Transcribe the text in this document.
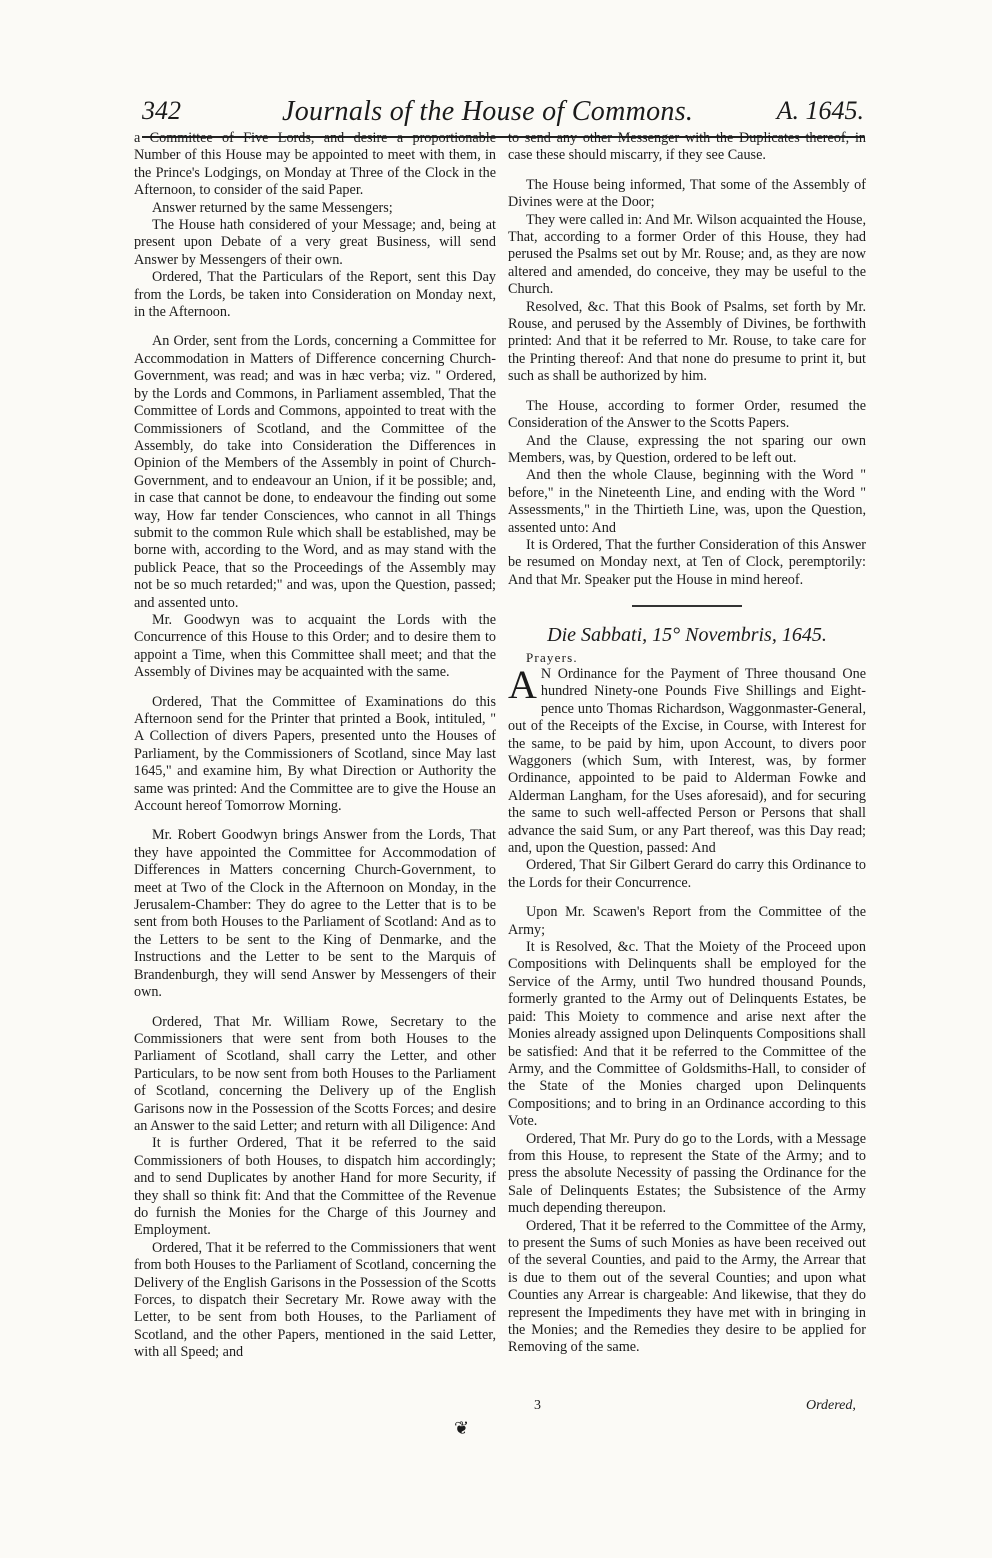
342	Journals of the House of Commons.	A. 1645.

a Committee of Five Lords, and desire a proportionable Number of this House may be appointed to meet with them, in the Prince's Lodgings, on Monday at Three of the Clock in the Afternoon, to consider of the said Paper.

Answer returned by the same Messengers;

The House hath considered of your Message; and, being at present upon Debate of a very great Business, will send Answer by Messengers of their own.

Ordered, That the Particulars of the Report, sent this Day from the Lords, be taken into Consideration on Monday next, in the Afternoon.

An Order, sent from the Lords, concerning a Committee for Accommodation in Matters of Difference concerning Church-Government, was read; and was in hæc verba; viz. " Ordered, by the Lords and Commons, in Parliament assembled, That the Committee of Lords and Commons, appointed to treat with the Commissioners of Scotland, and the Committee of the Assembly, do take into Consideration the Differences in Opinion of the Members of the Assembly in point of Church-Government, and to endeavour an Union, if it be possible; and, in case that cannot be done, to endeavour the finding out some way, How far tender Consciences, who cannot in all Things submit to the common Rule which shall be established, may be borne with, according to the Word, and as may stand with the publick Peace, that so the Proceedings of the Assembly may not be so much retarded;" and was, upon the Question, passed; and assented unto.

Mr. Goodwyn was to acquaint the Lords with the Concurrence of this House to this Order; and to desire them to appoint a Time, when this Committee shall meet; and that the Assembly of Divines may be acquainted with the same.

Ordered, That the Committee of Examinations do this Afternoon send for the Printer that printed a Book, intituled, " A Collection of divers Papers, presented unto the Houses of Parliament, by the Commissioners of Scotland, since May last 1645," and examine him, By what Direction or Authority the same was printed: And the Committee are to give the House an Account hereof Tomorrow Morning.

Mr. Robert Goodwyn brings Answer from the Lords, That they have appointed the Committee for Accommodation of Differences in Matters concerning Church-Government, to meet at Two of the Clock in the Afternoon on Monday, in the Jerusalem-Chamber: They do agree to the Letter that is to be sent from both Houses to the Parliament of Scotland: And as to the Letters to be sent to the King of Denmarke, and the Instructions and the Letter to be sent to the Marquis of Brandenburgh, they will send Answer by Messengers of their own.

Ordered, That Mr. William Rowe, Secretary to the Commissioners that were sent from both Houses to the Parliament of Scotland, shall carry the Letter, and other Particulars, to be now sent from both Houses to the Parliament of Scotland, concerning the Delivery up of the English Garisons now in the Possession of the Scotts Forces; and desire an Answer to the said Letter; and return with all Diligence: And

It is further Ordered, That it be referred to the said Commissioners of both Houses, to dispatch him accordingly; and to send Duplicates by another Hand for more Security, if they shall so think fit: And that the Committee of the Revenue do furnish the Monies for the Charge of this Journey and Employment.

Ordered, That it be referred to the Commissioners that went from both Houses to the Parliament of Scotland, concerning the Delivery of the English Garisons in the Possession of the Scotts Forces, to dispatch their Secretary Mr. Rowe away with the Letter, to be sent from both Houses, to the Parliament of Scotland, and the other Papers, mentioned in the said Letter, with all Speed; and

to send any other Messenger with the Duplicates thereof, in case these should miscarry, if they see Cause.

The House being informed, That some of the Assembly of Divines were at the Door;

They were called in: And Mr. Wilson acquainted the House, That, according to a former Order of this House, they had perused the Psalms set out by Mr. Rouse; and, as they are now altered and amended, do conceive, they may be useful to the Church.

Resolved, &c. That this Book of Psalms, set forth by Mr. Rouse, and perused by the Assembly of Divines, be forthwith printed: And that it be referred to Mr. Rouse, to take care for the Printing thereof: And that none do presume to print it, but such as shall be authorized by him.

The House, according to former Order, resumed the Consideration of the Answer to the Scotts Papers.

And the Clause, expressing the not sparing our own Members, was, by Question, ordered to be left out.

And then the whole Clause, beginning with the Word " before," in the Nineteenth Line, and ending with the Word " Assessments," in the Thirtieth Line, was, upon the Question, assented unto: And

It is Ordered, That the further Consideration of this Answer be resumed on Monday next, at Ten of Clock, peremptorily: And that Mr. Speaker put the House in mind hereof.

Die Sabbati, 15° Novembris, 1645.

Prayers.

A N Ordinance for the Payment of Three thousand One hundred Ninety-one Pounds Five Shillings and Eight-pence unto Thomas Richardson, Waggonmaster-General, out of the Receipts of the Excise, in Course, with Interest for the same, to be paid by him, upon Account, to divers poor Waggoners (which Sum, with Interest, was, by former Ordinance, appointed to be paid to Alderman Fowke and Alderman Langham, for the Uses aforesaid), and for securing the same to such well-affected Person or Persons that shall advance the said Sum, or any Part thereof, was this Day read; and, upon the Question, passed: And

Ordered, That Sir Gilbert Gerard do carry this Ordinance to the Lords for their Concurrence.

Upon Mr. Scawen's Report from the Committee of the Army;

It is Resolved, &c. That the Moiety of the Proceed upon Compositions with Delinquents shall be employed for the Service of the Army, until Two hundred thousand Pounds, formerly granted to the Army out of Delinquents Estates, be paid: This Moiety to commence and arise next after the Monies already assigned upon Delinquents Compositions shall be satisfied: And that it be referred to the Committee of the Army, and the Committee of Goldsmiths-Hall, to consider of the State of the Monies charged upon Delinquents Compositions; and to bring in an Ordinance according to this Vote.

Ordered, That Mr. Pury do go to the Lords, with a Message from this House, to represent the State of the Army; and to press the absolute Necessity of passing the Ordinance for the Sale of Delinquents Estates; the Subsistence of the Army much depending thereupon.

Ordered, That it be referred to the Committee of the Army, to present the Sums of such Monies as have been received out of the several Counties, and paid to the Army, the Arrear that is due to them out of the several Counties; and upon what Counties any Arrear is chargeable: And likewise, that they do represent the Impediments they have met with in bringing in the Monies; and the Remedies they desire to be applied for Removing of the same.

3	Ordered,
❦
